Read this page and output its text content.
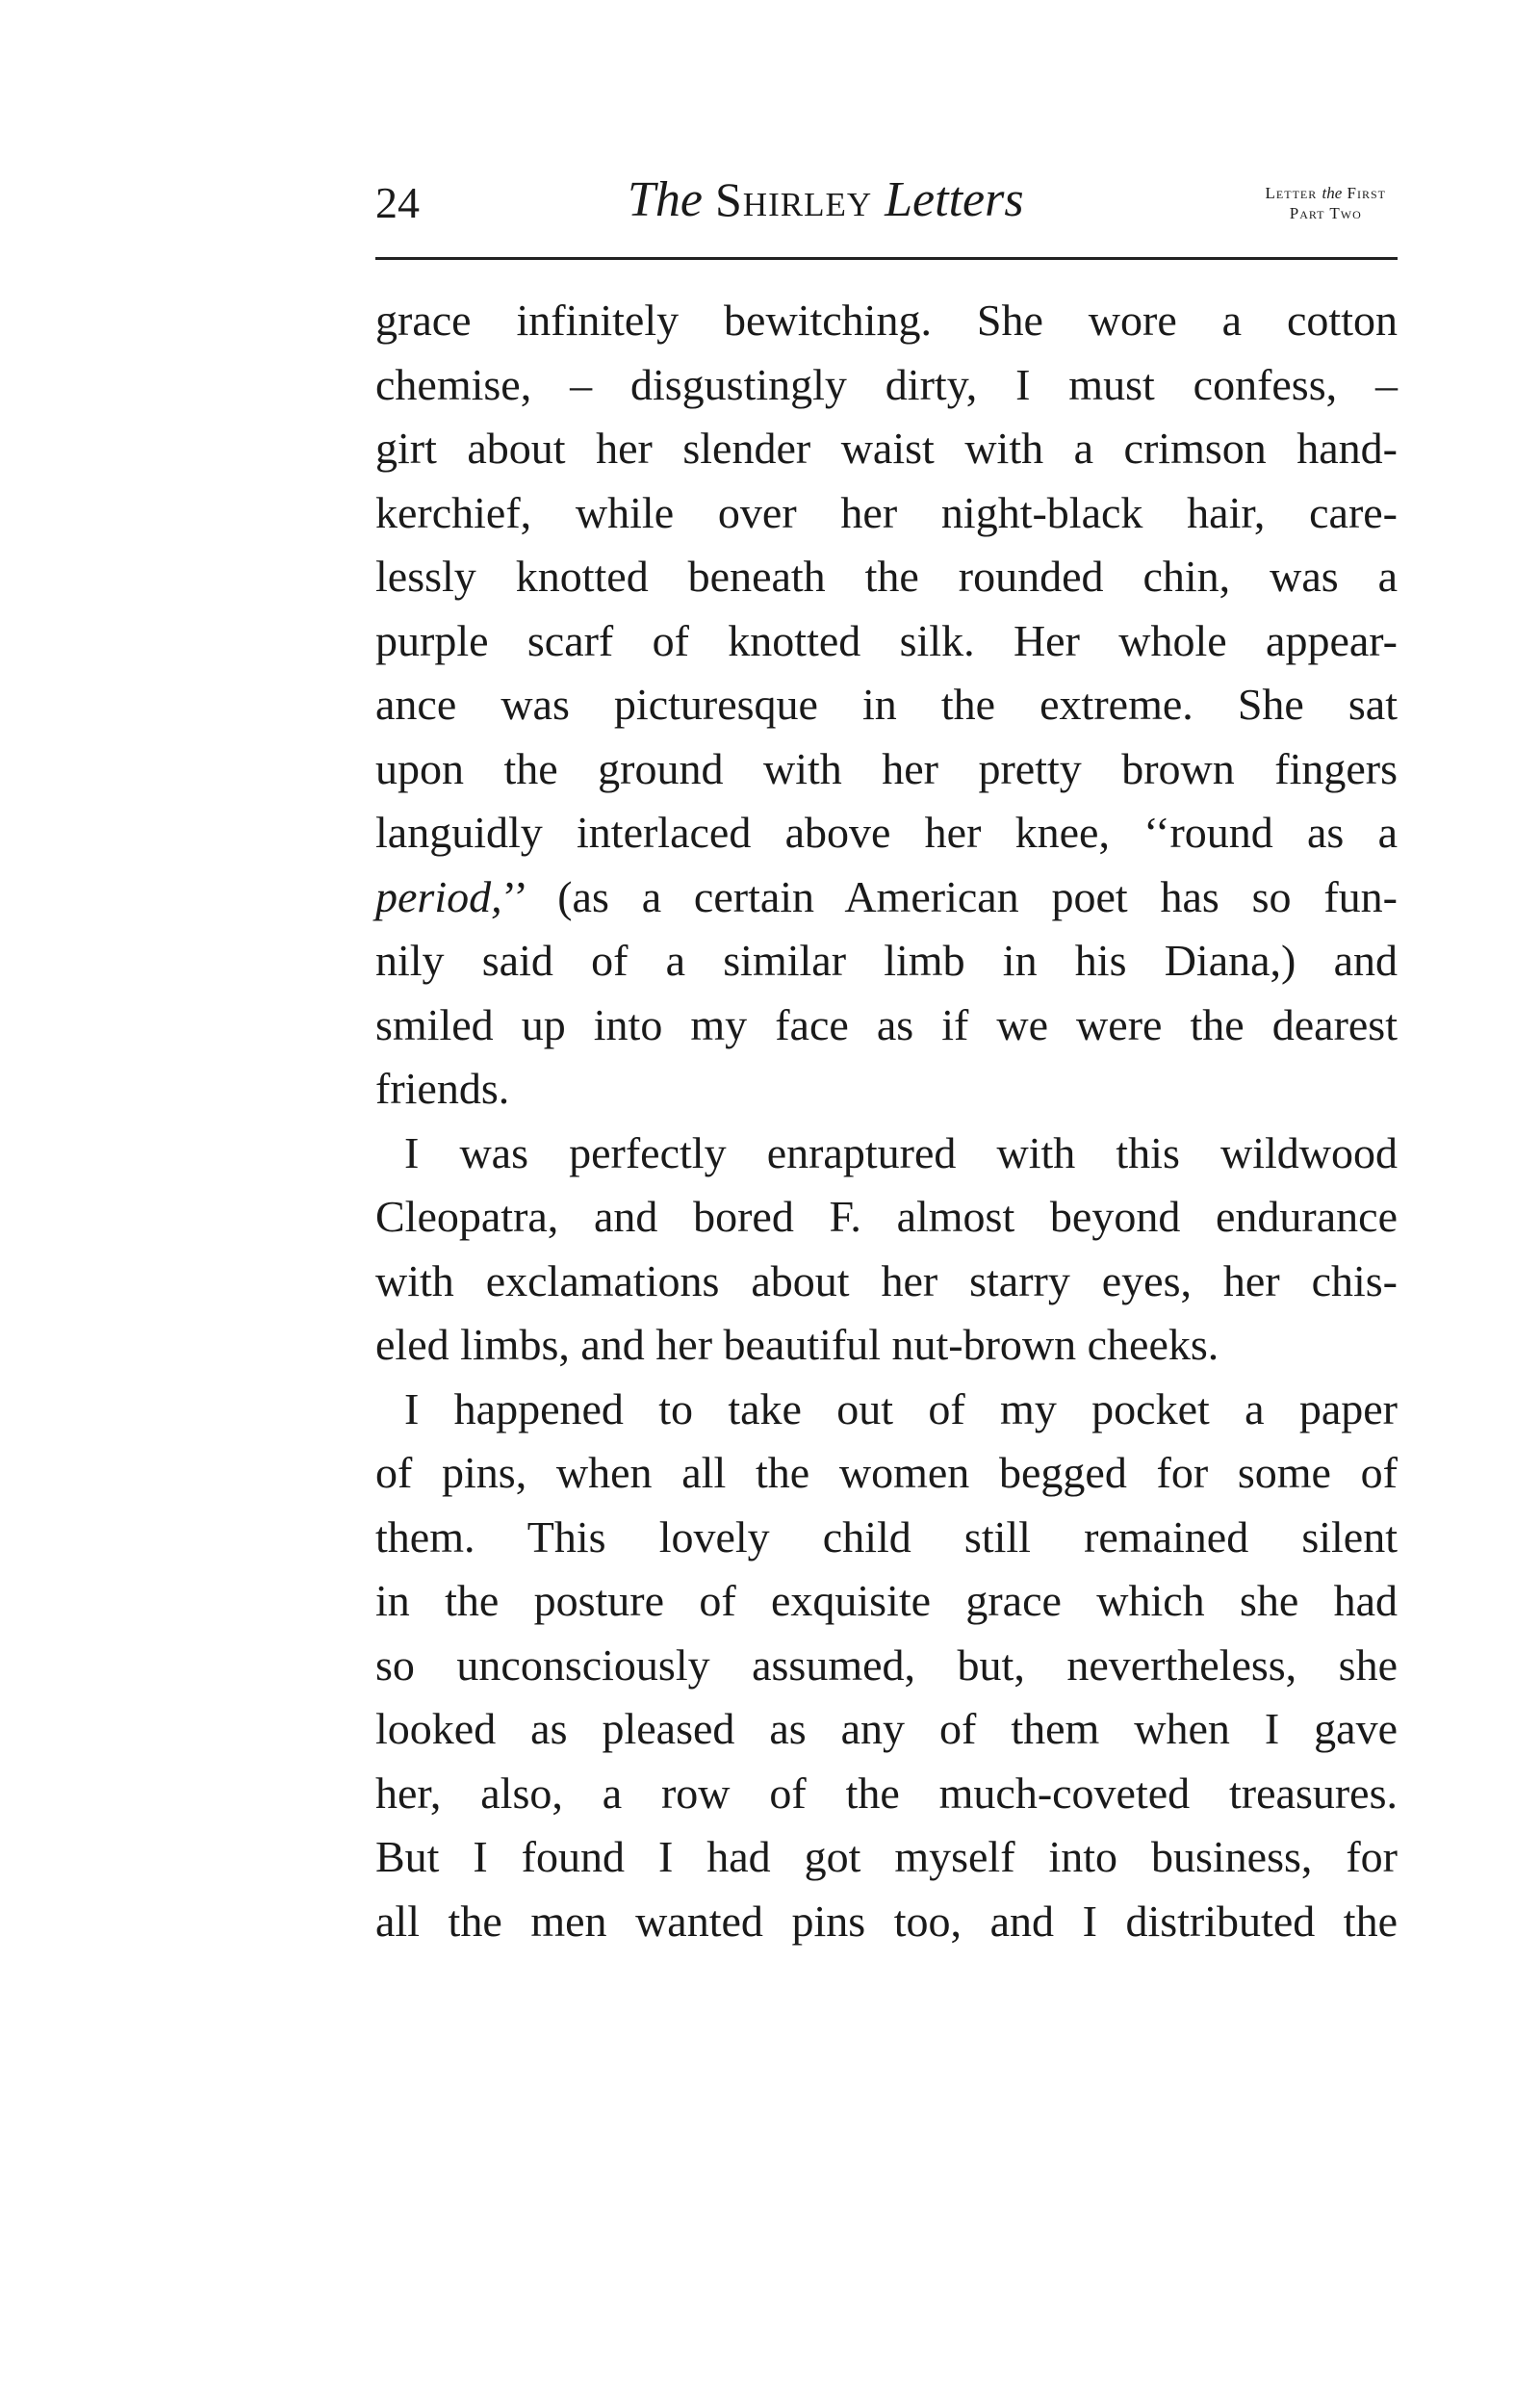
24	The Shirley Letters	Letter the First
Part Two
grace infinitely bewitching. She wore a cotton
chemise, – disgustingly dirty, I must confess, –
girt about her slender waist with a crimson hand-
kerchief, while over her night-black hair, care-
lessly knotted beneath the rounded chin, was a
purple scarf of knotted silk. Her whole appear-
ance was picturesque in the extreme. She sat
upon the ground with her pretty brown fingers
languidly interlaced above her knee, ‘‘round as a
period,’’ (as a certain American poet has so fun-
nily said of a similar limb in his Diana,) and
smiled up into my face as if we were the dearest
friends.
I was perfectly enraptured with this wildwood
Cleopatra, and bored F. almost beyond endurance
with exclamations about her starry eyes, her chis-
eled limbs, and her beautiful nut-brown cheeks.
I happened to take out of my pocket a paper
of pins, when all the women begged for some of
them. This lovely child still remained silent
in the posture of exquisite grace which she had
so unconsciously assumed, but, nevertheless, she
looked as pleased as any of them when I gave
her, also, a row of the much-coveted treasures.
But I found I had got myself into business, for
all the men wanted pins too, and I distributed the
